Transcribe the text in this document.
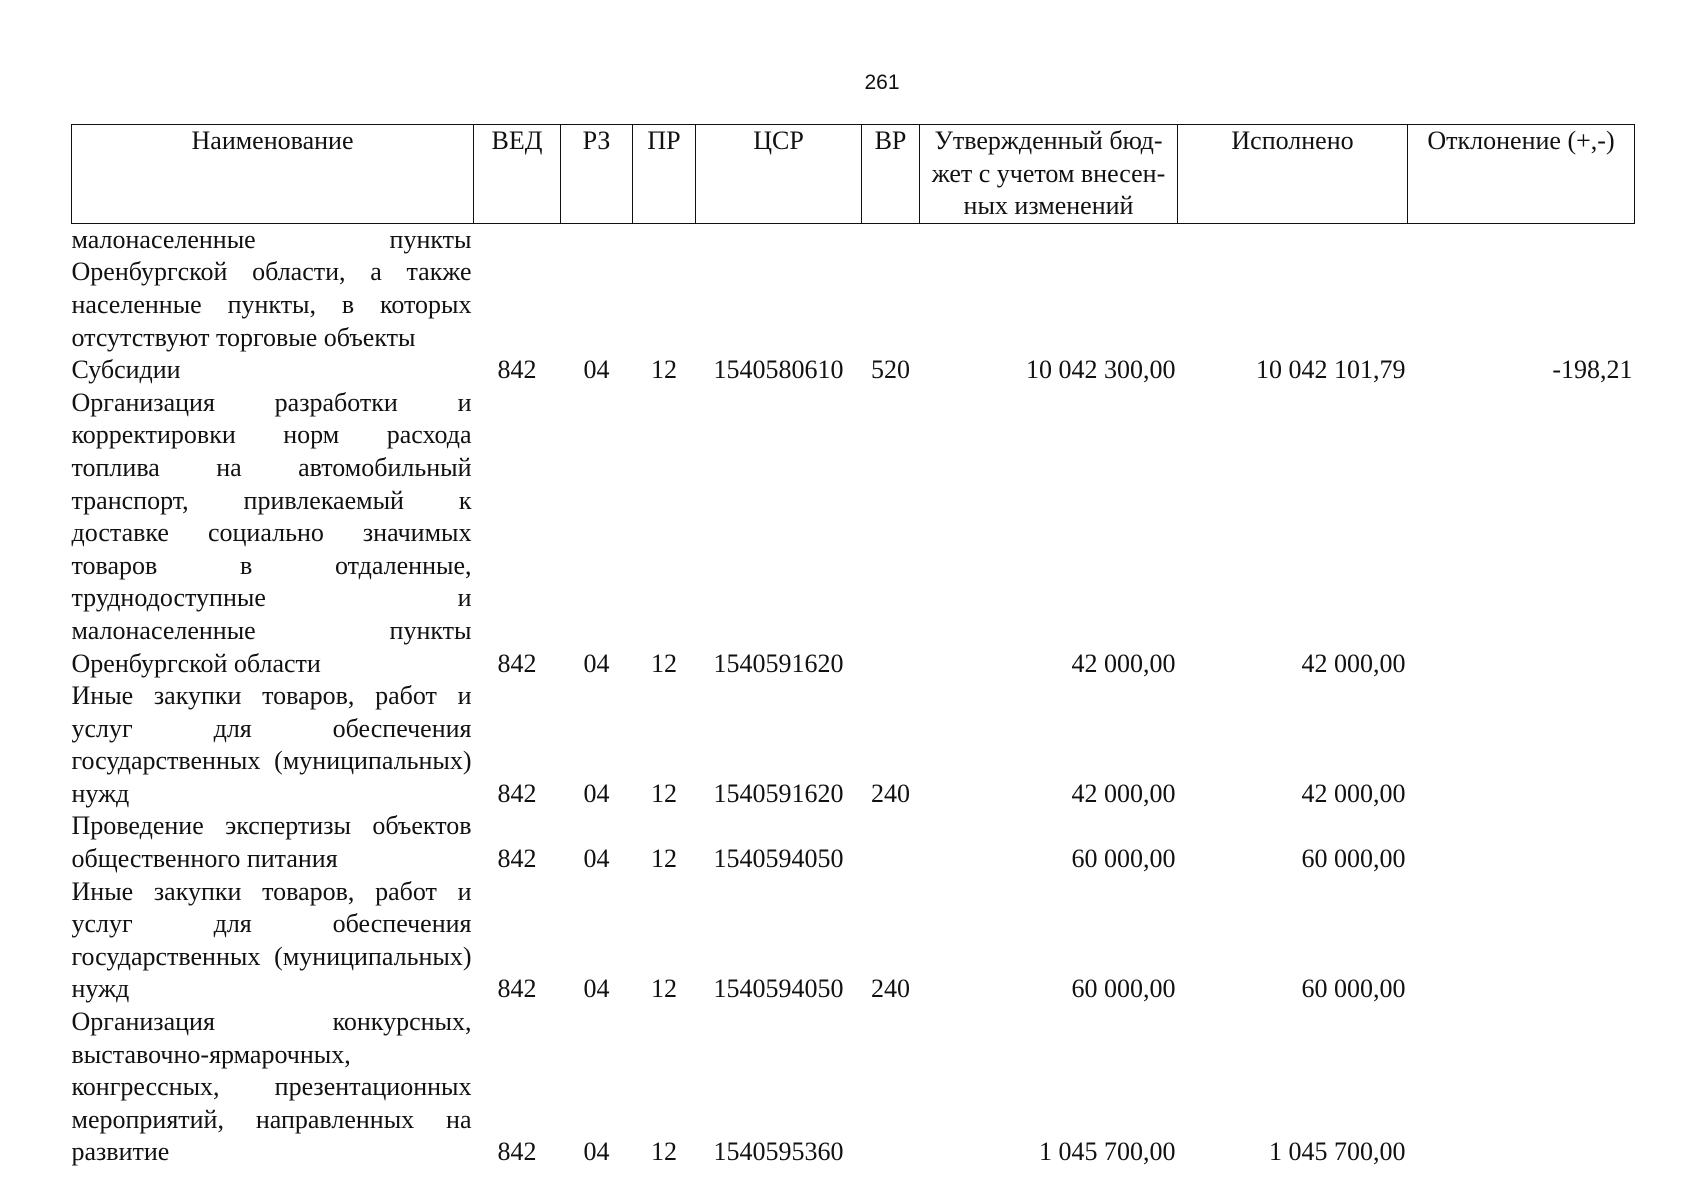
261
Наименование	ВЕД	РЗ	ПР	ЦСР	ВР	Утвержденный бюд-жет с учетом внесен-ных изменений	Исполнено	Отклонение (+,-)
малонаселенные пункты Оренбургской области, а также населенные пункты, в которых отсутствуют торговые объекты								
Субсидии	842	04	12	1540580610	520	10 042 300,00	10 042 101,79	-198,21
Организация разработки и корректировки норм расхода топлива на автомобильный транспорт, привлекаемый к доставке социально значимых товаров в отдаленные, труднодоступные и малонаселенные пункты Оренбургской области	842	04	12	1540591620		42 000,00	42 000,00	
Иные закупки товаров, работ и услуг для обеспечения государственных (муниципальных) нужд	842	04	12	1540591620	240	42 000,00	42 000,00	
Проведение экспертизы объектов общественного питания	842	04	12	1540594050		60 000,00	60 000,00	
Иные закупки товаров, работ и услуг для обеспечения государственных (муниципальных) нужд	842	04	12	1540594050	240	60 000,00	60 000,00	
Организация конкурсных, выставочно-ярмарочных, конгрессных, презентационных мероприятий, направленных на развитие	842	04	12	1540595360		1 045 700,00	1 045 700,00	
